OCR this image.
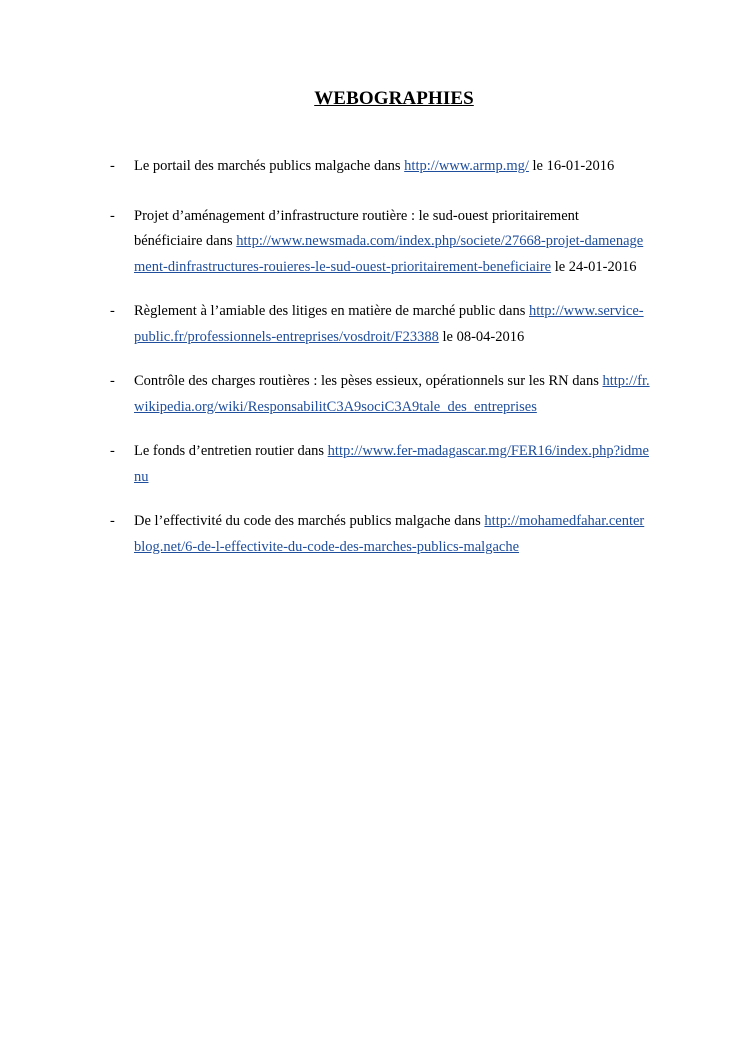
WEBOGRAPHIES
- Le portail des marchés publics malgache dans http://www.armp.mg/ le 16-01-2016
- Projet d’aménagement d’infrastructure routière : le sud-ouest prioritairement bénéficiaire dans http://www.newsmada.com/index.php/societe/27668-projet-damenagement-dinfrastructures-rouieres-le-sud-ouest-prioritairement-beneficiaire le 24-01-2016
- Règlement à l’amiable des litiges en matière de marché public dans http://www.service-public.fr/professionnels-entreprises/vosdroit/F23388 le 08-04-2016
- Contrôle des charges routières : les pèses essieux, opérationnels sur les RN dans http://fr.wikipedia.org/wiki/ResponsabilitC3A9sociC3A9tale_des_entreprises
- Le fonds d’entretien routier dans http://www.fer-madagascar.mg/FER16/index.php?idmenu
- De l’effectivité du code des marchés publics malgache dans http://mohamedfahar.centerblog.net/6-de-l-effectivite-du-code-des-marches-publics-malgache
